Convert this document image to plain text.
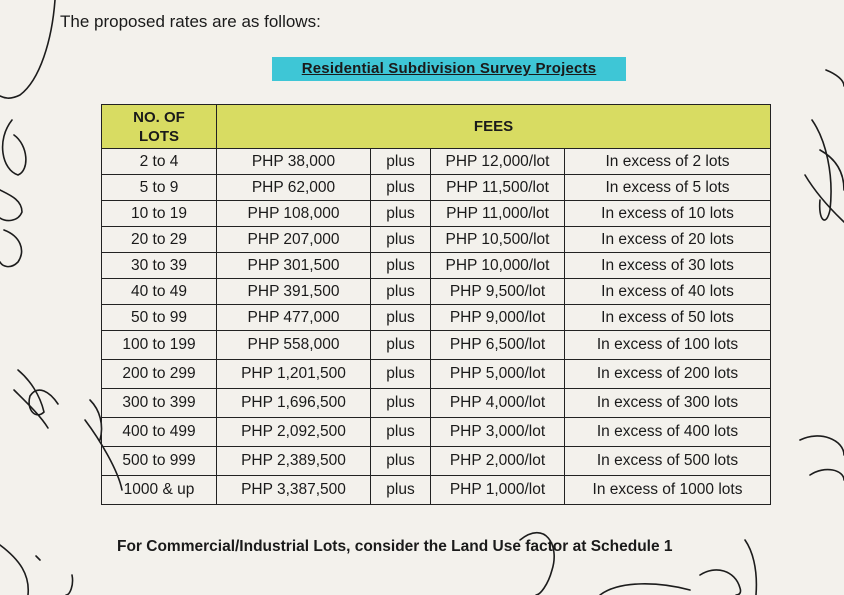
The proposed rates are as follows:
Residential Subdivision Survey Projects
NO. OF
LOTS	FEES			
2 to 4	PHP 38,000	plus	PHP 12,000/lot	In excess of 2 lots
5 to 9	PHP 62,000	plus	PHP 11,500/lot	In excess of 5 lots
10 to 19	PHP 108,000	plus	PHP 11,000/lot	In excess of 10 lots
20 to 29	PHP 207,000	plus	PHP 10,500/lot	In excess of 20 lots
30 to 39	PHP 301,500	plus	PHP 10,000/lot	In excess of 30 lots
40 to 49	PHP 391,500	plus	PHP 9,500/lot	In excess of 40 lots
50 to 99	PHP 477,000	plus	PHP 9,000/lot	In excess of 50 lots
100 to 199	PHP 558,000	plus	PHP 6,500/lot	In excess of 100 lots
200 to 299	PHP 1,201,500	plus	PHP 5,000/lot	In excess of 200 lots
300 to 399	PHP 1,696,500	plus	PHP 4,000/lot	In excess of 300 lots
400 to 499	PHP 2,092,500	plus	PHP 3,000/lot	In excess of 400 lots
500 to 999	PHP 2,389,500	plus	PHP 2,000/lot	In excess of 500 lots
1000 & up	PHP 3,387,500	plus	PHP 1,000/lot	In excess of 1000 lots
For Commercial/Industrial Lots, consider the Land Use factor at Schedule 1
